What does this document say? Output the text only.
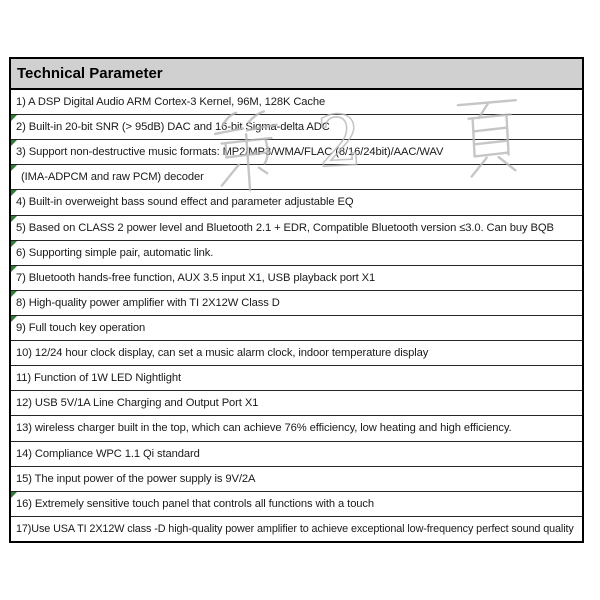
Technical Parameter
1) A DSP Digital Audio ARM Cortex-3 Kernel, 96M, 128K Cache
2) Built-in 20-bit SNR (> 95dB) DAC and 16-bit Sigma-delta ADC
3) Support non-destructive music formats: MP2/MP3/WMA/FLAC (8/16/24bit)/AAC/WAV
(IMA-ADPCM and raw PCM) decoder
4) Built-in overweight bass sound effect and parameter adjustable EQ
5) Based on CLASS 2 power level and Bluetooth 2.1 + EDR, Compatible Bluetooth version ≤3.0. Can buy BQB
6) Supporting simple pair, automatic link.
7) Bluetooth hands-free function, AUX 3.5 input X1, USB playback port X1
8) High-quality power amplifier with TI 2X12W Class D
9) Full touch key operation
10) 12/24 hour clock display, can set a music alarm clock, indoor temperature display
11) Function of 1W LED Nightlight
12) USB 5V/1A Line Charging and Output Port X1
13) wireless charger built in the top, which can achieve 76% efficiency, low heating and high efficiency.
14) Compliance WPC 1.1 Qi standard
15) The input power of the power supply is 9V/2A
16) Extremely sensitive touch panel that controls all functions with a touch
17)Use USA TI 2X12W class -D high-quality power amplifier to achieve exceptional low-frequency perfect sound quality
2
